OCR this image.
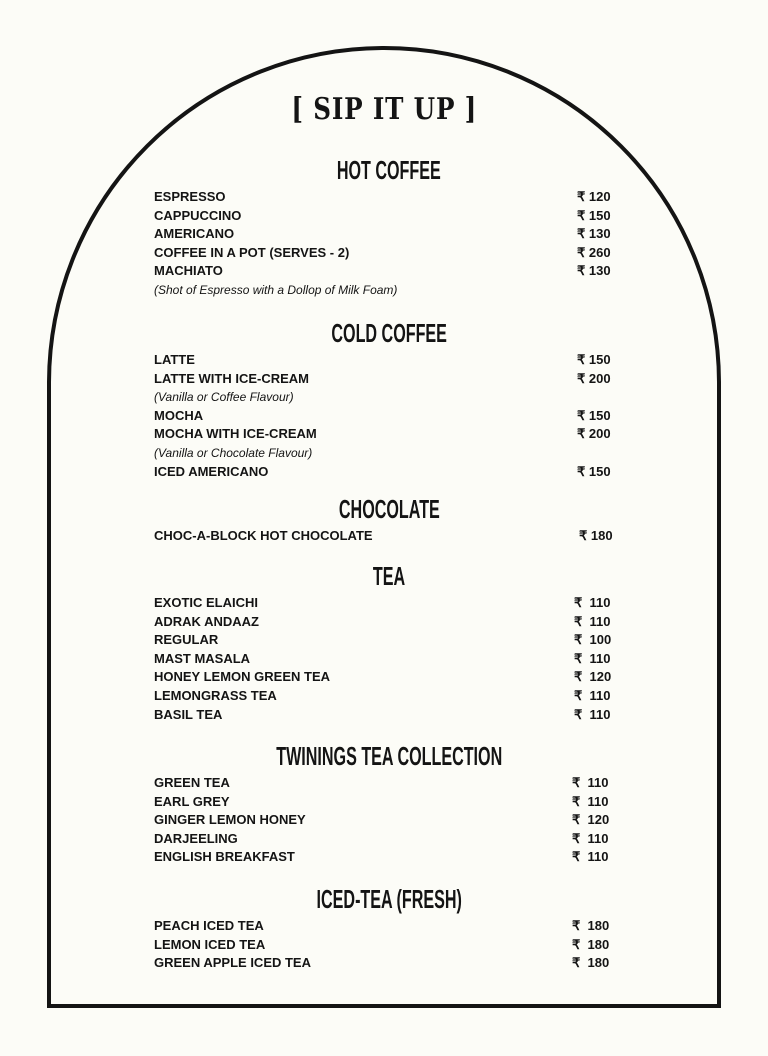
[ SIP IT UP ]
HOT COFFEE
ESPRESSO	₹ 120
CAPPUCCINO	₹ 150
AMERICANO	₹ 130
COFFEE IN A POT (SERVES - 2)	₹ 260
MACHIATO	₹ 130
(Shot of Espresso with a Dollop of Milk Foam)
COLD COFFEE
LATTE	₹ 150
LATTE WITH ICE-CREAM	₹ 200
(Vanilla or Coffee Flavour)
MOCHA	₹ 150
MOCHA WITH ICE-CREAM	₹ 200
(Vanilla or Chocolate Flavour)
ICED AMERICANO	₹ 150
CHOCOLATE
CHOC-A-BLOCK HOT CHOCOLATE	₹ 180
TEA
EXOTIC ELAICHI	₹  110
ADRAK ANDAAZ	₹  110
REGULAR	₹  100
MAST MASALA	₹  110
HONEY LEMON GREEN TEA	₹  120
LEMONGRASS TEA	₹  110
BASIL TEA	₹  110
TWININGS TEA COLLECTION
GREEN TEA	₹  110
EARL GREY	₹  110
GINGER LEMON HONEY	₹  120
DARJEELING	₹  110
ENGLISH BREAKFAST	₹  110
ICED-TEA (FRESH)
PEACH ICED TEA	₹  180
LEMON ICED TEA	₹  180
GREEN APPLE ICED TEA	₹  180
